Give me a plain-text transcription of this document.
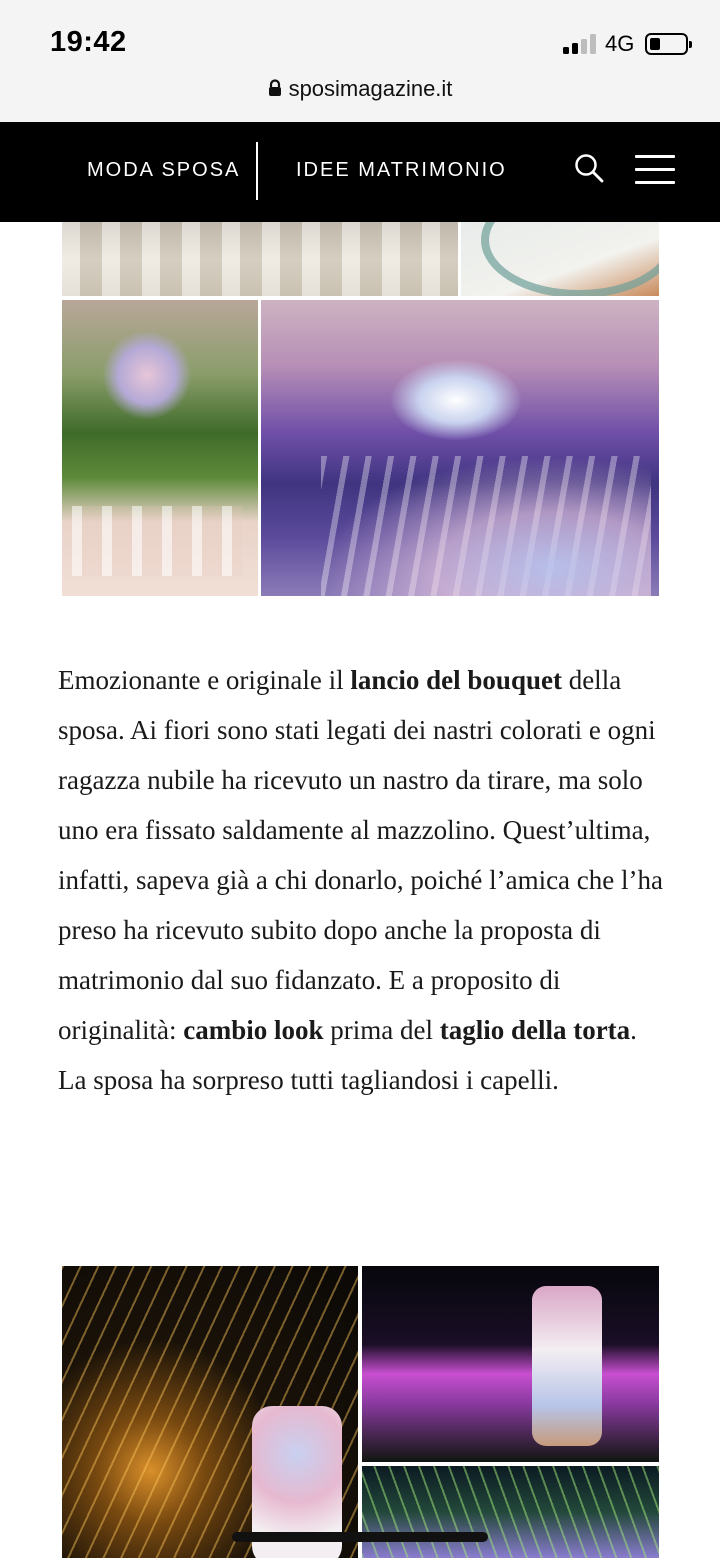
19:42	4G
sposimagazine.it
MODA SPOSA	IDEE MATRIMONIO

Emozionante e originale il lancio del bouquet della sposa. Ai fiori sono stati legati dei nastri colorati e ogni ragazza nubile ha ricevuto un nastro da tirare, ma solo uno era fissato saldamente al mazzolino. Quest’ultima, infatti, sapeva già a chi donarlo, poiché l’amica che l’ha preso ha ricevuto subito dopo anche la proposta di matrimonio dal suo fidanzato. E a proposito di originalità: cambio look prima del taglio della torta. La sposa ha sorpreso tutti tagliandosi i capelli.
